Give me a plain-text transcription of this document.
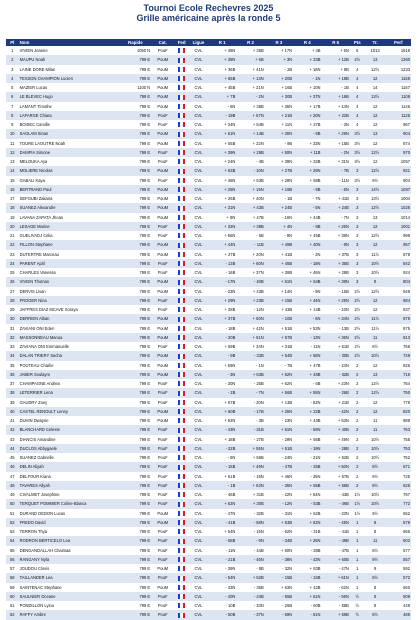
Tournoi Ecole Rechevres 2025
Grille américaine après la ronde 5
Pl	Nom	Rapide	Cat.	Fed	Ligue	R 1	R 2	R 3	R 4	R 5	Pts	Tr.	Perf
1	VIVIEN Jeanne	1050 N	PouF		CVL	+ 48N	+ 35B	+ 17N	+ 4B	+ 5N	5	1013	1619
2	MAUPU Noah	799 E	PouM		CVL	+ 38N	+ 6B	+ 3N	+ 23B	+ 12B	4½	13	1360
3	LAINE DORE Milan	799 E	PouM		CVL	+ 36B	+ 41N	- 2B	+ 16N	+ 9B	4	12½	1233
4	TESSON CHAMPION Lucien	799 E	PouM		CVL	+ 65B	+ 13N	+ 20B	- 1N	+ 18B	4	12	1165
5	MAZIER Lucas	1100 N	PouM		CVL	+ 45B	+ 21N	+ 16B	+ 10N	- 1B	4	14	1167
6	LE BLEVEC Hugo	799 E	PouM		CVL	+ 7B	- 2N	+ 30B	+ 37N	+ 19B	4	13½	1109
7	LAMANT Timothe	799 E	PouM		CVL	- 6N	+ 38B	+ 35N	+ 17B	+ 14N	4	12	1146
8	LAFARGE Chiara	799 E	PouF		CVL	- 19B	+ 57N	+ 21B	+ 20N	+ 22B	4	12	1126
9	BOISEC Camille	799 E	PouF		CVL	+ 34N	+ 54B	+ 11N	+ 27B	- 3N	4	12	967
10	SAGLAM Sinan	799 E	PouM		CVL	+ 61N	+ 14B	+ 30N	- 5B	+ 29N	3½	13	904
11	TOURE LAOUTRE Noah	799 E	PouM		CVL	+ 55B	+ 22N	- 9B	+ 33N	+ 15B	3½	12	874
12	DAMPIA Simone	799 E	PouF		CVL	+ 39N	+ 29B	+ 50N	+ 11B	- 2N	3½	12½	970
13	MELOUKA Aya	799 E	PouF		CVL	+ 24N	- 4B	+ 39N	+ 32B	+ 31N	3½	12	1057
14	MOLIERE Nicolas	799 E	PouM		CVL	+ 63B	- 10N	+ 27B	+ 29N	- 7B	3	12½	921
15	GABALI Kaya	799 E	PouF		CVL	+ 46N	+ 53B	+ 28N	+ 58B	- 11N	3½	9½	904
16	BERTRAND Paul	799 E	PouM		CVL	+ 25N	+ 15N	+ 19B	- 5B	- 6N	3	14½	1087
17	SEFOUBI Zakaria	799 E	PouM		CVL	+ 26B	+ 40N	- 1B	- 7N	+ 41B	3	13½	1004
18	SUANEZ Alexandre	799 E	PouM		CVL	+ 31N	+ 43B	+ 24B	- 5N	+ 24B	3	12½	1025
19	LAVANA ZAPATA Jhoan	799 E	PouM		CVL	+ 8N	+ 47B	- 16N	+ 44B	- 7N	3	13	1014
20	LESAGE Marine	799 E	PouF		CVL	+ 32N	+ 39B	+ 4N	- 8B	+ 26N	3	12	1001
21	GUELIVADJ Celia	799 E	PouF		CVL	+ 56N	- 5B	- 8N	+ 45B	+ 39N	3	12½	999
22	FILLON Stephane	799 E	PouM		CVL	+ 44N	- 11B	+ 49B	+ 40N	- 8N	3	12	957
23	DUTERTRE Marceau	799 E	PouM		CVL	+ 27B	+ 20N	+ 41B	- 2N	+ 37B	3	11½	878
24	PARENT April	799 E	PouF		CVL	- 13B	+ 60N	+ 45B	- 18N	+ 35B	3	10½	842
25	CHARLES Vanessa	799 E	PouF		CVL	- 16B	+ 37N	+ 38B	+ 46N	+ 28B	3	10½	924
26	VIVIEN Thomas	799 E	PouM		CVL	- 17N	- 40B	+ 61N	+ 54B	+ 38N	3	8	804
27	DERVIS Livan	799 E	PouM		CVL	- 23N	+ 43B	+ 14N	- 9N	- 15B	2½	12½	949
28	FROGER Nina	799 E	PouF		CVL	+ 29N	+ 23B	+ 15B	+ 44N	+ 25N	2½	12	884
29	JAFFRES DIAZ MCAVE Soraya	799 E	PouF		CVL	+ 28B	- 12N	+ 43B	+ 14B	- 10N	2½	12	837
30	DERRIEN Alban	799 E	PouM		CVL	+ 37B	+ 50N	- 10B	- 6N	+ 34N	2½	11½	875
31	ZAVIANI ONI Eden	799 E	PouM		CVL	- 18B	+ 42N	+ 51B	+ 53N	- 13B	2½	11½	875
32	MASSONNEAU Manoa	799 E	PouM		CVL	- 20B	+ 51N	+ 57B	- 13N	+ 36N	2½	11	813
33	ZAVIANA ONI Emmanuelle	799 E	PouF		CVL	+ 59B	+ 34N	+ 31B	- 11N	+ 51B	2½	8½	768
34	DALAN TRIERY Sacha	799 E	PouM		CVL	- 9B	- 33B	+ 54B	+ 58N	- 30B	2½	10½	749
35	POUTEAU Charlie	799 E	PouM		CVL	+ 59N	- 1N	- 7B	+ 47B	- 24N	2	12	826
36	JABER Soulaym	799 E	PouM		CVL	- 3N	+ 63B	+ 52N	+ 48B	- 32B	2	13	716
37	CHAMPAGNE Andrea	799 E	PouF		CVL	- 30N	- 25B	+ 62N	- 6B	+ 23N	2	12½	764
38	LETERRIER Lena	799 E	PouF		CVL	- 2B	- 7N	+ 56B	+ 55N	- 26B	2	12½	750
39	GAUDRY Zoey	799 E	PouF		CVL	+ 57B	- 20N	+ 13B	- 52N	+ 21B	2	12	779
40	CASTEL RENOULT Lenny	799 E	PouM		CVL	+ 60B	- 17B	+ 26N	+ 22B	- 42N	2	12	820
41	DUHIN Dwayne	799 E	PouM		CVL	+ 52N	- 3B	- 23N	+ 43B	+ 53N	2	11	888
42	BLANCHARD Celeste	799 E	PouF		CVL	- 43N	- 31B	+ 61N	- 59N	+ 40B	2	11	763
43	DIANCIS Amandine	799 E	PouF		CVL	+ 18B	- 27B	- 29N	+ 56B	+ 49N	2	10½	755
44	DUCLOS Abbygaele	799 E	PouF		CVL	- 22B	+ 55N	+ 51B	- 19N	- 28B	2	10½	753
45	SUANEZ Gabrielle	799 E	PouF		CVL	- 5N	+ 56B	- 24N	- 21N	+ 52B	2	10½	752
46	DELIN Aliyah	799 E	PouF		CVL	- 15B	+ 49N	- 47B	- 25B	+ 50N	2	8½	671
47	DELFOUR Kiana	799 E	PouF		CVL	+ 51B	- 19N	+ 46N	- 35N	+ 57B	2	9½	725
48	TAVARES Allyah	799 E	PouF		CVL	- 1B	+ 53N	- 36N	+ 55B	+ 56B	2	8½	626
49	CIVALMET Josephine	799 E	PouF		CVL	- 46B	+ 31B	- 22N	+ 54N	- 43B	1½	10½	787
50	TERQUET POMMIER Coline-Blanca	799 E	PouF		CVL	+ 62N	+ 30B	- 12N	- 53B	- 46B	1½	10½	772
51	DURAND DEDON Lucas	799 E	PouM		CVL	- 47N	- 32B	- 31N	+ 62B	- 33N	1½	9½	652
52	FREDO David	799 E	PouM		CVL	- 41B	- 58N	+ 53B	+ 62N	- 45N	1	8	579
53	TERRON Thya	799 E	PouF		CVL	+ 54N	- 15N	- 52N	- 31B	- 41B	1	8	566
54	RODRON BERTICELO Lea	799 E	PouF		CVL	- 58B	- 9N	- 34B	+ 26N	- 49B	1	11	602
55	DENGANDALLAH Chaimaa	799 E	PouF		CVL	- 11N	- 44B	+ 60N	- 38B	- 47B	1	8½	577
56	RANGANY Nyla	799 E	PouF		CVL	- 21B	- 45N	- 38N	- 43N	+ 60B	1	9½	557
57	JOUDOU Clovis	799 E	PouM		CVL	- 39N	- 8B	- 32N	+ 63B	- 47N	1	9	592
58	TAILLANDER Lea	799 E	PouF		CVL	- 54N	+ 52B	- 15B	- 34B	+ 61N	1	8½	572
59	SAINTENAC Stephane	799 E	PouM		CVL	- 33N	- 35B	+ 63N	+ 42B	- 62N	1	8	560
60	SAULNIER Oceane	799 E	PouF		CVL	- 40N	- 24B	- 55B	+ 61N	- 56N	½	9	509
61	PONDILLON Lylou	799 E	PouF		CVL	- 10B	- 33N	- 26B	- 60B	- 58B	½	8	449
62	RAFFY Ambre	799 E	PouF		CVL	- 50B	- 37N	- 59N	- 51N	+ 59B	½	8½	485
